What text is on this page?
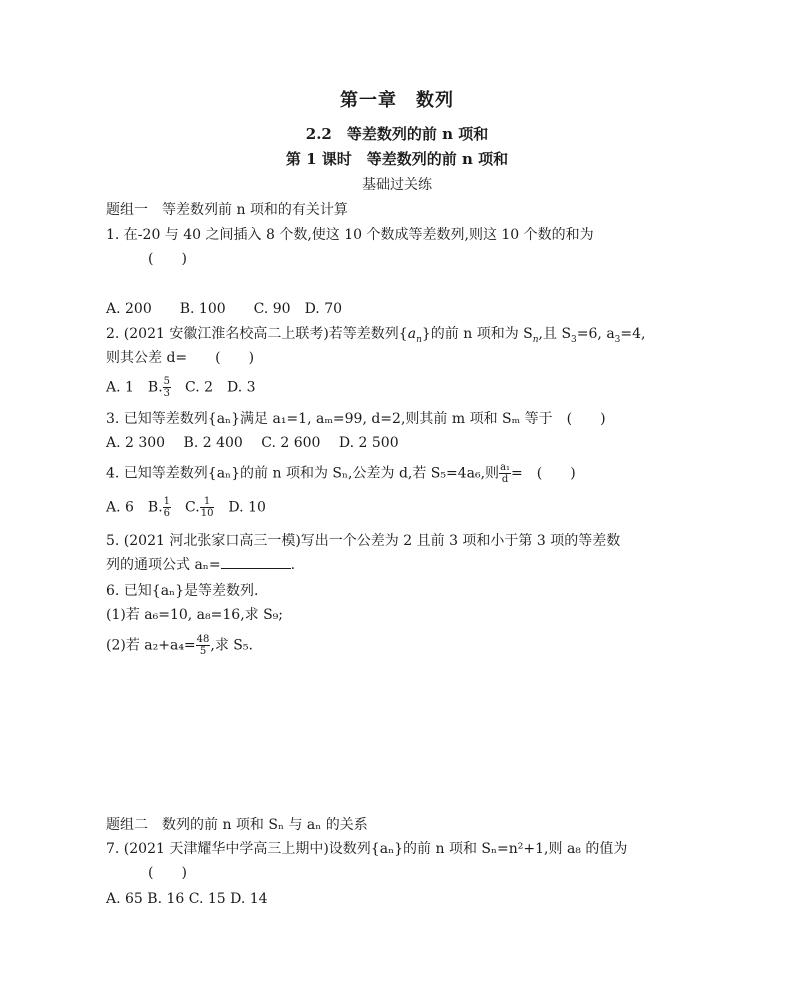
第一章　数列
2.2　等差数列的前 n 项和
第 1 课时　等差数列的前 n 项和
基础过关练
题组一　等差数列前 n 项和的有关计算
1. 在-20 与 40 之间插入 8 个数,使这 10 个数成等差数列,则这 10 个数的和为
(　　)
A. 200　　B. 100　　C. 90　D. 70
2. (2021 安徽江淮名校高二上联考)若等差数列$\{a_n\}$的前 n 项和为 $S_n$,且 $S_3=6$, $a_3=4$,
则其公差 d=　　(　　)
A. 1　B. $\frac{5}{3}$ 　C. 2　D. 3
3. 已知等差数列{aₙ}满足 a₁=1, aₘ=99, d=2,则其前 m 项和 Sₘ 等于　(　　)
A. 2 300　 B. 2 400　 C. 2 600　 D. 2 500
4. 已知等差数列{aₙ}的前 n 项和为 Sₙ,公差为 d,若 S₅=4a₆,则 $\frac{\text{a₁}}{d}$ =　(　　)
A. 6　B. $\frac{1}{6}$ 　C. $\frac{1}{10}$ 　D. 10
5. (2021 河北张家口高三一模)写出一个公差为 2 且前 3 项和小于第 3 项的等差数
列的通项公式 aₙ=	.
6. 已知{aₙ}是等差数列.
(1)若 a₆=10, a₈=16,求 S₉;
(2)若 $a_2+a_4= \frac{48}{5}$ ,求 S₅.
题组二　数列的前 n 项和 Sₙ 与 aₙ 的关系
7. (2021 天津耀华中学高三上期中)设数列{aₙ}的前 n 项和 Sₙ=n²+1,则 a₈ 的值为
(　　)
A. 65 B. 16 C. 15 D. 14
